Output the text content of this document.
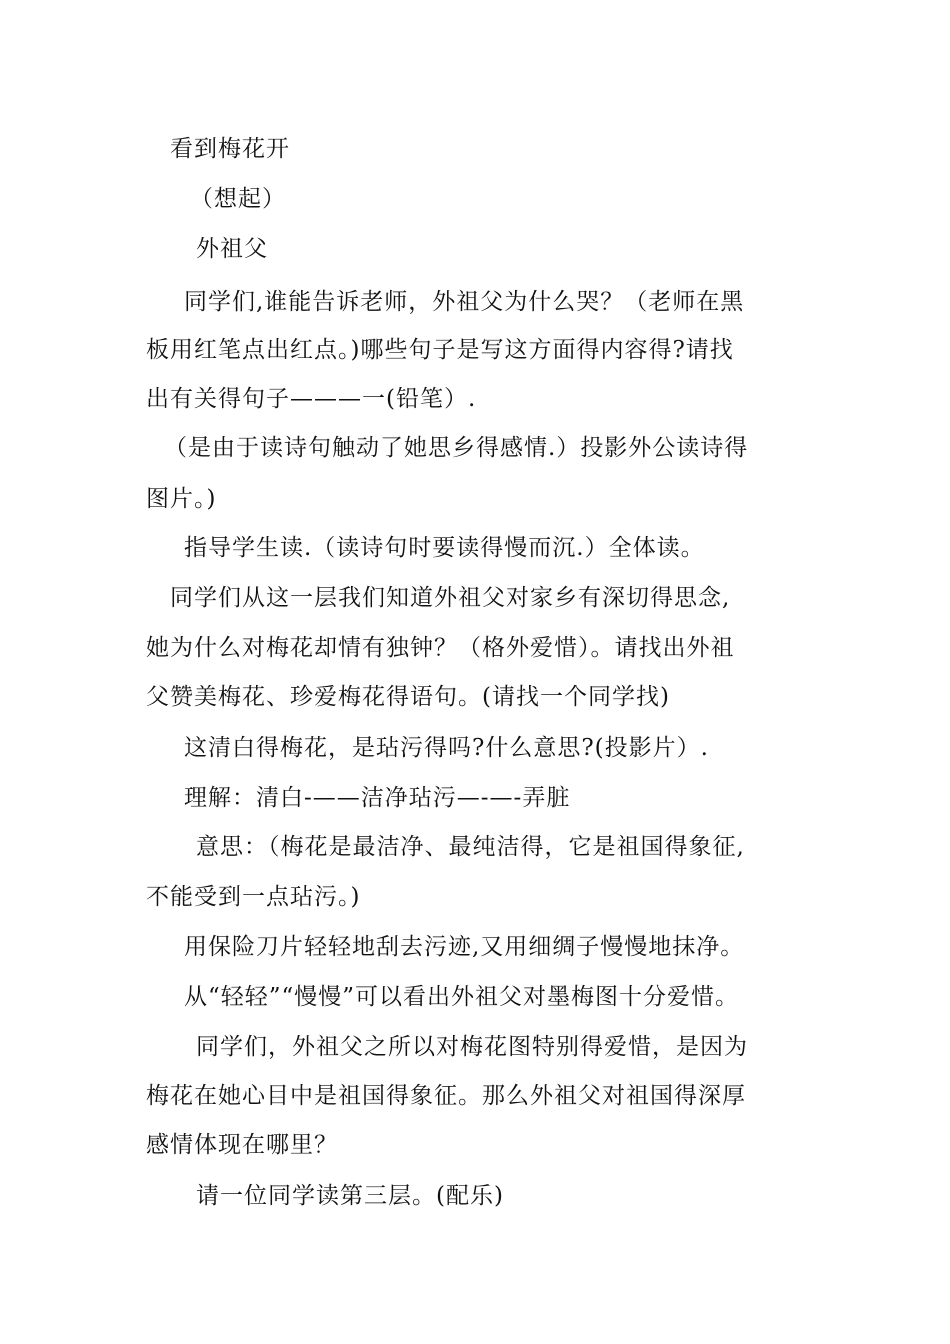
看到梅花开
（想起）
外祖父
同学们,谁能告诉老师，外祖父为什么哭？（老师在黑
板用红笔点出红点。)哪些句子是写这方面得内容得?请找
出有关得句子———一(铅笔）.
（是由于读诗句触动了她思乡得感情.）投影外公读诗得
图片。)
指导学生读.（读诗句时要读得慢而沉.）全体读。
同学们从这一层我们知道外祖父对家乡有深切得思念,
她为什么对梅花却情有独钟？（格外爱惜）。请找出外祖
父赞美梅花、珍爱梅花得语句。(请找一个同学找)
这清白得梅花，是玷污得吗?什么意思?(投影片）.
理解：清白-——洁净玷污—-—-弄脏
意思：（梅花是最洁净、最纯洁得，它是祖国得象征,
不能受到一点玷污。)
用保险刀片轻轻地刮去污迹,又用细绸子慢慢地抹净。
从“轻轻”“慢慢”可以看出外祖父对墨梅图十分爱惜。
同学们，外祖父之所以对梅花图特别得爱惜，是因为
梅花在她心目中是祖国得象征。那么外祖父对祖国得深厚
感情体现在哪里？
请一位同学读第三层。(配乐)
